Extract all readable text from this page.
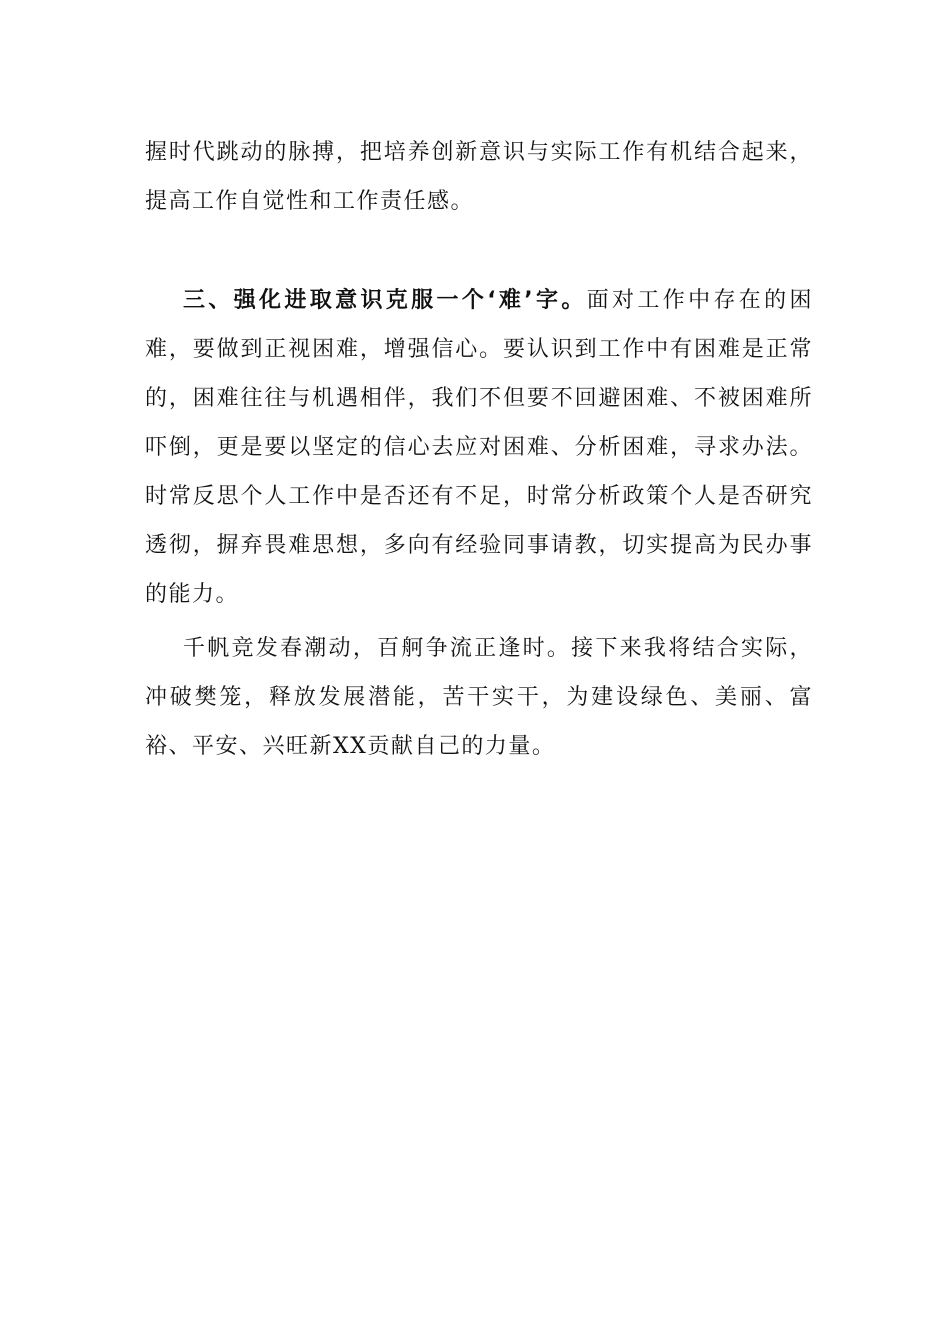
握时代跳动的脉搏，把培养创新意识与实际工作有机结合起来，提高工作自觉性和工作责任感。

三、强化进取意识克服一个‘难’字。面对工作中存在的困难，要做到正视困难，增强信心。要认识到工作中有困难是正常的，困难往往与机遇相伴，我们不但要不回避困难、不被困难所吓倒，更是要以坚定的信心去应对困难、分析困难，寻求办法。时常反思个人工作中是否还有不足，时常分析政策个人是否研究透彻，摒弃畏难思想，多向有经验同事请教，切实提高为民办事的能力。

千帆竞发春潮动，百舸争流正逢时。接下来我将结合实际，冲破樊笼，释放发展潜能，苦干实干，为建设绿色、美丽、富裕、平安、兴旺新XX贡献自己的力量。
